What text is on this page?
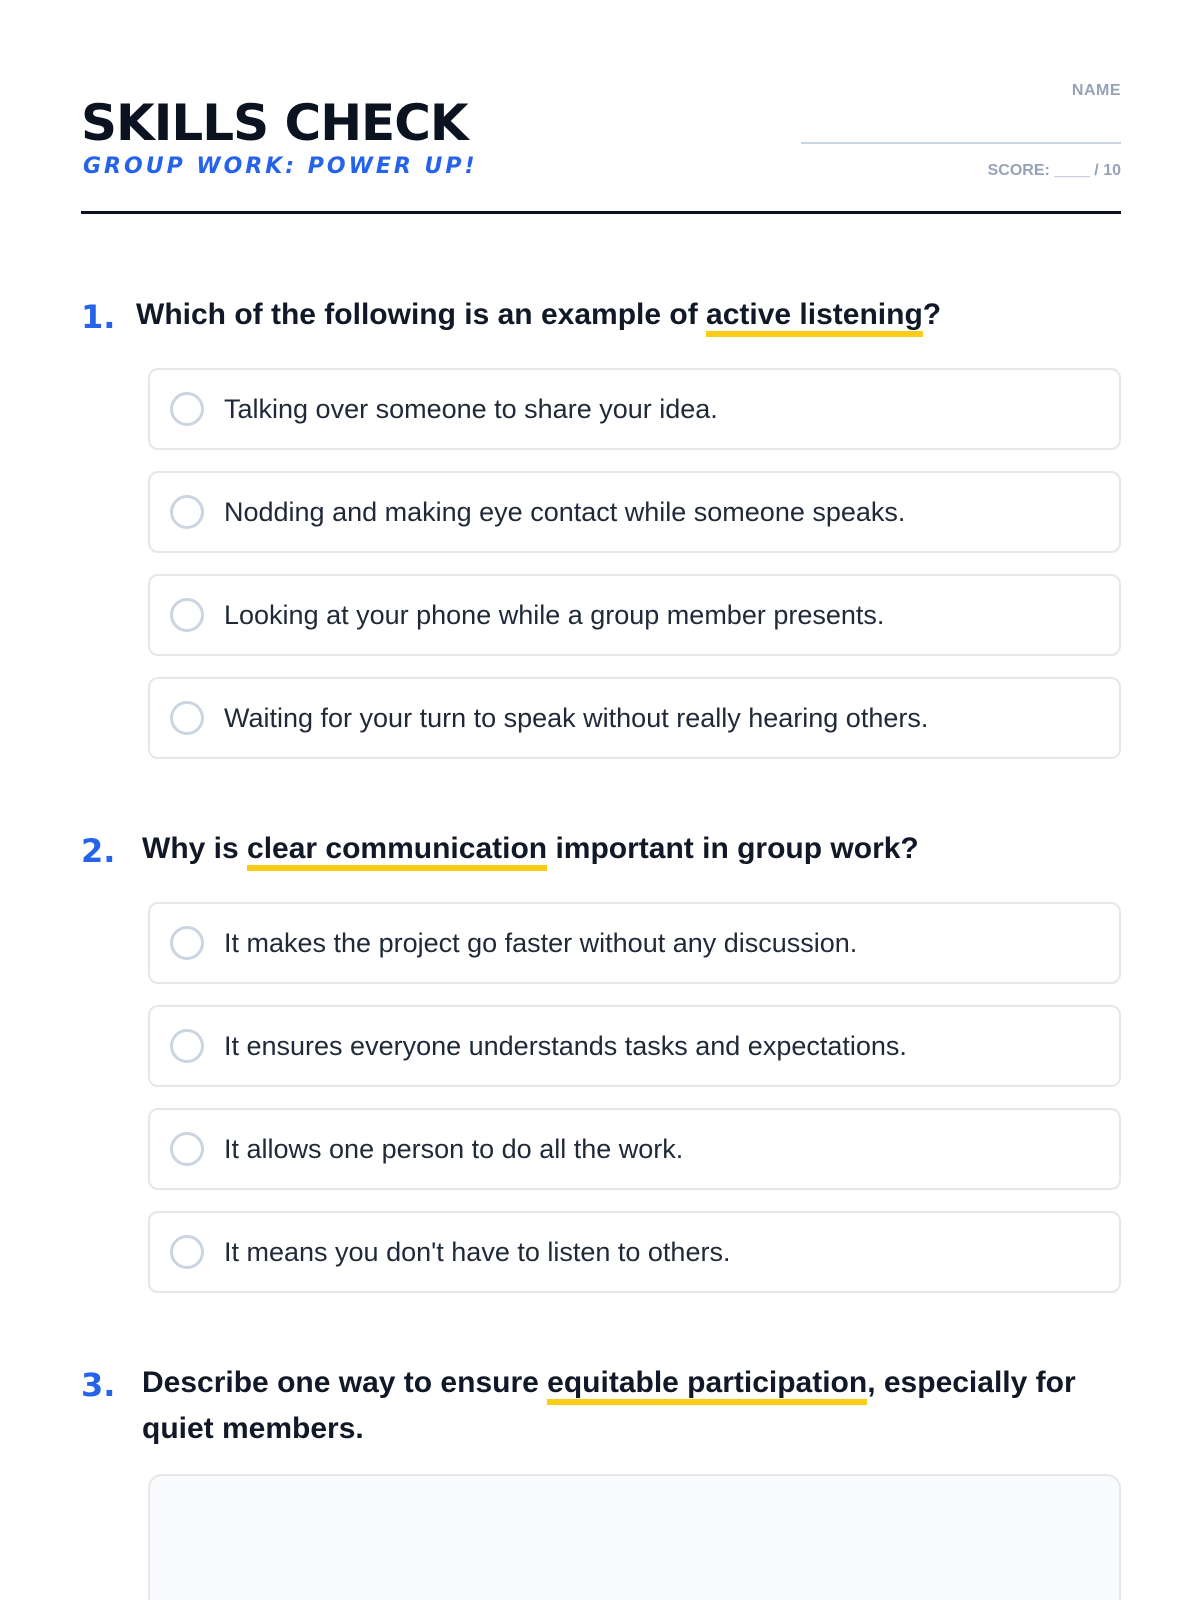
SKILLS CHECK
GROUP WORK: POWER UP!
NAME
SCORE: ____ / 10
1. Which of the following is an example of active listening?
Talking over someone to share your idea.
Nodding and making eye contact while someone speaks.
Looking at your phone while a group member presents.
Waiting for your turn to speak without really hearing others.
2. Why is clear communication important in group work?
It makes the project go faster without any discussion.
It ensures everyone understands tasks and expectations.
It allows one person to do all the work.
It means you don't have to listen to others.
3. Describe one way to ensure equitable participation, especially for quiet members.
